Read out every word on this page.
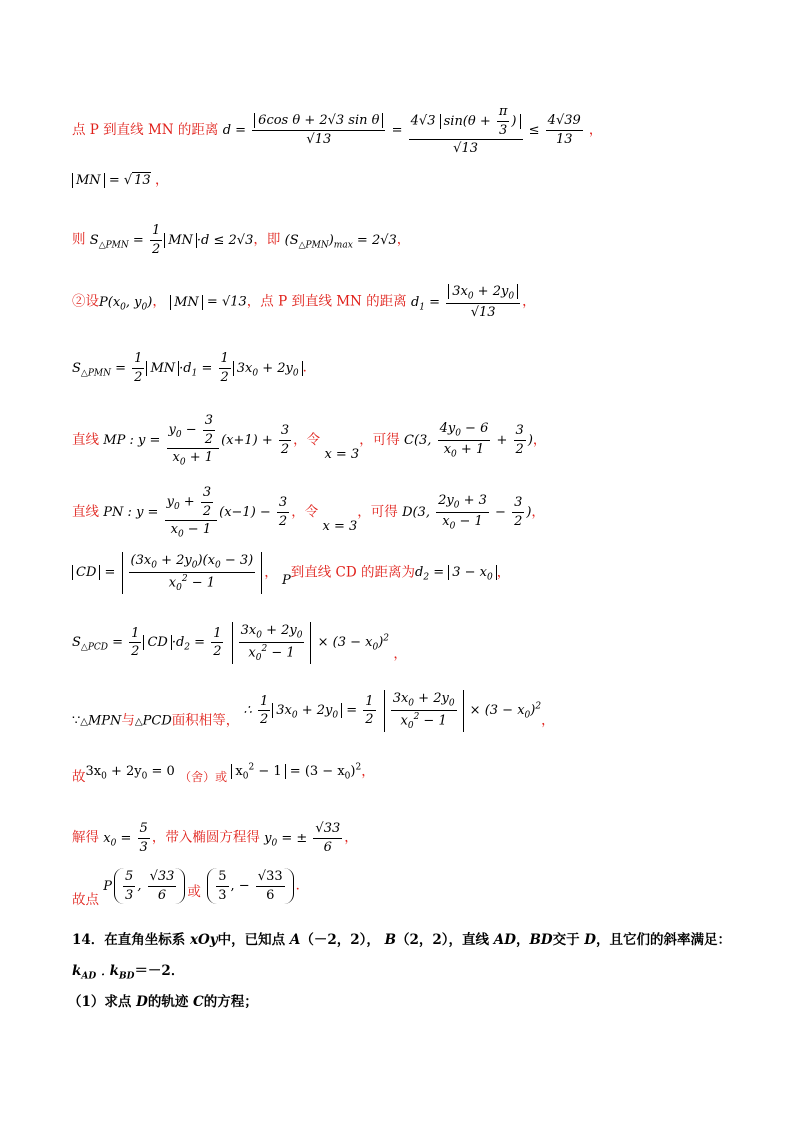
点 P 到直线 MN 的距离 $d = \frac{\text{6cos θ + 2√3 sin θ}}{√13} = \frac{4√3 \sin(\theta + \frac{\pi}{3} )}{√13} \le \frac{4√39}{13}$ ，
MN = √ 13 ，
则 $S_{\triangle PMN} = \frac{1}{2}$ MN ·d ≤ 2√3，即 $(S_{\triangle PMN})_{max} = 2√3$，
②设$P(x_0$, $y_0$)， MN = √13，点 P 到直线 MN 的距离 $d_1 = \frac{3x_0 + 2y_0}{√13}$ ，
$S_{\triangle PMN} = \frac{1}{2}$ MN $\cdot d_1 = \frac{1}{2} 3x_0 + 2y_0$ ．
直线 MP : $y = \frac{y_0 - \frac{3}{2}}{x_0 + 1} (x+1) + \frac{3}{2}$ ，令 x = 3，可得 C(3, $\frac{4y_0 - 6}{x_0 + 1} + \frac{3}{2}$ )，
直线 PN : $y = \frac{y_0 + \frac{3}{2}}{x_0 - 1} (x-1) - \frac{3}{2}$ ，令 x = 3，可得 D(3, $\frac{2y_0 + 3}{x_0 - 1} - \frac{3}{2}$ )，
CD = $\frac{(3x_0 + 2y_0)(x_0 - 3)}{x_0^2 - 1}$ ， P到直线 CD 的距离为$d_2 = 3 - x_0$ ，
$S_{\triangle PCD} = \frac{1}{2}$ CD $\cdot d_2 = \frac{1}{2}$
$\frac{3x_0 + 2y_0}{x_0^2 - 1} \times (3 - x_0)^2$ ，
∵△MPN与△PCD面积相等， ∴ $\frac{1}{2} 3x_0 + 2y_0 = \frac{1}{2}$
$\frac{3x_0 + 2y_0}{x_0^2 - 1} \times (3 - x_0)^2$，
故$3x_0 + 2y_0 = 0$ （舍）或 $x_0^2 - 1 = (3 - x_0)^2$，
解得 $x_0 = \frac{5}{3}$ ，带入椭圆方程得 $y_0$ = ± $\frac{√33}{6}$ ，
故点 P $\frac{5}{3}$ , $\frac{√33}{6}$ 或 $\frac{5}{3}$ , − $\frac{√33}{6}$ ．
14．在直角坐标系 xOy中，已知点 A（－2，2）， B（2，2），直线 AD，BD交于 D，且它们的斜率满足：
$k_{AD}﹒k_{BD}=-2$．
（1）求点 D的轨迹 C的方程；
